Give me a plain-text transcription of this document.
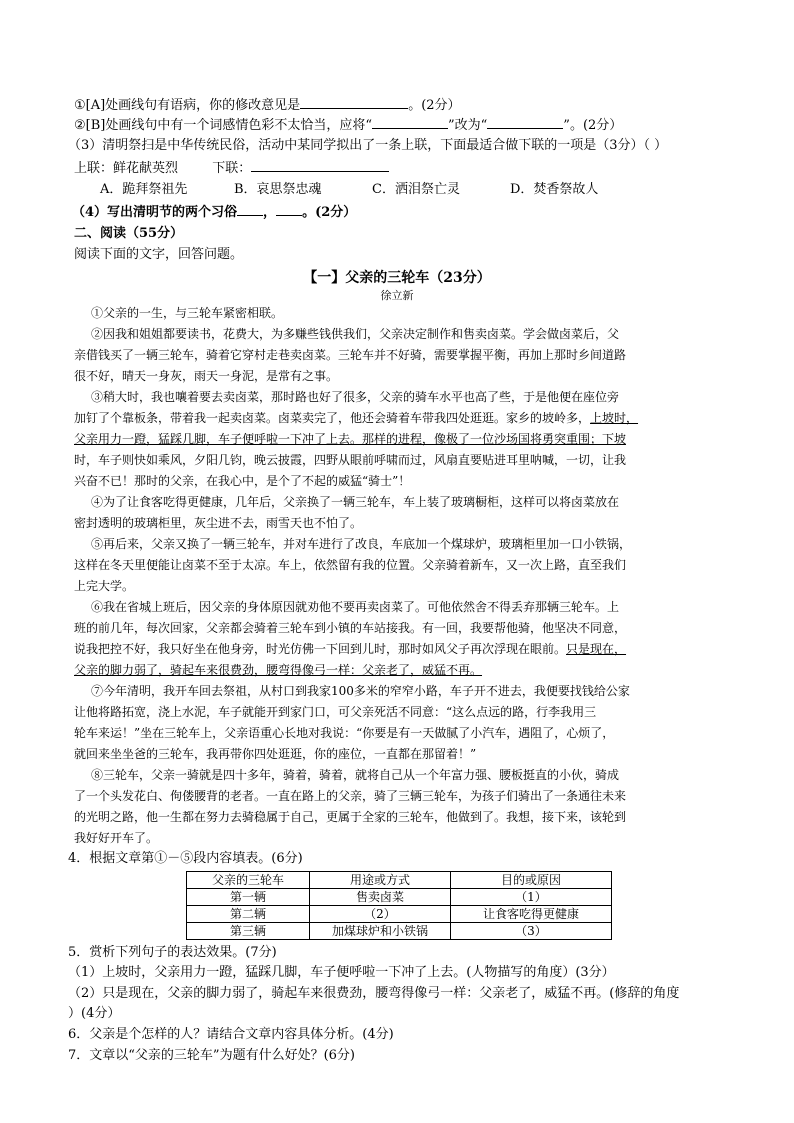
①[A]处画线句有语病，你的修改意见是	。(2分）
②[B]处画线句中有一个词感情色彩不太恰当，应将“	”改为“	”。(2分）
（3）清明祭扫是中华传统民俗，活动中某同学拟出了一条上联，下面最适合做下联的一项是（3分）（ ）
上联：鲜花献英烈	下联：
A．跪拜祭祖先	B．哀思祭忠魂	C．洒泪祭亡灵	D．焚香祭故人
（4）写出清明节的两个习俗 ， 。(2分）
二、阅读（55分）
阅读下面的文字，回答问题。
【一】父亲的三轮车（23分）
徐立新
①父亲的一生，与三轮车紧密相联。
②因我和姐姐都要读书，花费大，为多赚些钱供我们，父亲决定制作和售卖卤菜。学会做卤菜后，父
亲借钱买了一辆三轮车，骑着它穿村走巷卖卤菜。三轮车并不好骑，需要掌握平衡，再加上那时乡间道路
很不好，晴天一身灰，雨天一身泥，是常有之事。
③稍大时，我也嚷着要去卖卤菜，那时路也好了很多，父亲的骑车水平也高了些，于是他便在座位旁
加钉了个靠板条，带着我一起卖卤菜。卤菜卖完了，他还会骑着车带我四处逛逛。家乡的坡岭多，上坡时，
父亲用力一蹬，猛踩几脚，车子便呼啦一下冲了上去。那样的进程，像极了一位沙场国将勇突重围；下坡
时，车子则快如乘风，夕阳几钧，晚云披霞，四野从眼前呼啸而过，风扇直要贴进耳里呐喊，一切，让我
兴奋不已！那时的父亲，在我心中，是个了不起的威猛“骑士”！
④为了让食客吃得更健康，几年后，父亲换了一辆三轮车，车上装了玻璃橱柜，这样可以将卤菜放在
密封透明的玻璃柜里，灰尘进不去，雨雪天也不怕了。
⑤再后来，父亲又换了一辆三轮车，并对车进行了改良，车底加一个煤球炉，玻璃柜里加一口小铁锅，
这样在冬天里便能让卤菜不至于太凉。车上，依然留有我的位置。父亲骑着新车，又一次上路，直至我们
上完大学。
⑥我在省城上班后，因父亲的身体原因就劝他不要再卖卤菜了。可他依然舍不得丢弃那辆三轮车。上
班的前几年，每次回家，父亲都会骑着三轮车到小镇的车站接我。有一回，我要帮他骑，他坚决不同意，
说我把控不好，我只好坐在他身旁，时光仿佛一下回到儿时，那时如风父子再次浮现在眼前。只是现在，
父亲的脚力弱了，骑起车来很费劲，腰弯得像弓一样：父亲老了，威猛不再。
⑦今年清明，我开车回去祭祖，从村口到我家100多米的窄窄小路，车子开不进去，我便要找钱给公家
让他将路拓宽，浇上水泥，车子就能开到家门口，可父亲死活不同意：“这么点远的路，行李我用三
轮车来运！”坐在三轮车上，父亲语重心长地对我说：“你要是有一天做腻了小汽车，遇阻了，心烦了，
就回来坐坐爸的三轮车，我再带你四处逛逛，你的座位，一直都在那留着！”
⑧三轮车，父亲一骑就是四十多年，骑着，骑着，就将自己从一个年富力强、腰板挺直的小伙，骑成
了一个头发花白、佝偻腰背的老者。一直在路上的父亲，骑了三辆三轮车，为孩子们骑出了一条通往未来
的光明之路，他一生都在努力去骑稳属于自己，更属于全家的三轮车，他做到了。我想，接下来，该轮到
我好好开车了。
4．根据文章第①－⑤段内容填表。(6分)
父亲的三轮车	用途或方式	目的或原因
第一辆	售卖卤菜	（1）
第二辆	（2）	让食客吃得更健康
第三辆	加煤球炉和小铁锅	（3）
5．赏析下列句子的表达效果。(7分)
（1）上坡时，父亲用力一蹬，猛踩几脚，车子便呼啦一下冲了上去。(人物描写的角度）(3分）
（2）只是现在，父亲的脚力弱了，骑起车来很费劲，腰弯得像弓一样：父亲老了，威猛不再。(修辞的角度
）(4分）
6．父亲是个怎样的人？请结合文章内容具体分析。(4分)
7．文章以“父亲的三轮车”为题有什么好处？(6分)
